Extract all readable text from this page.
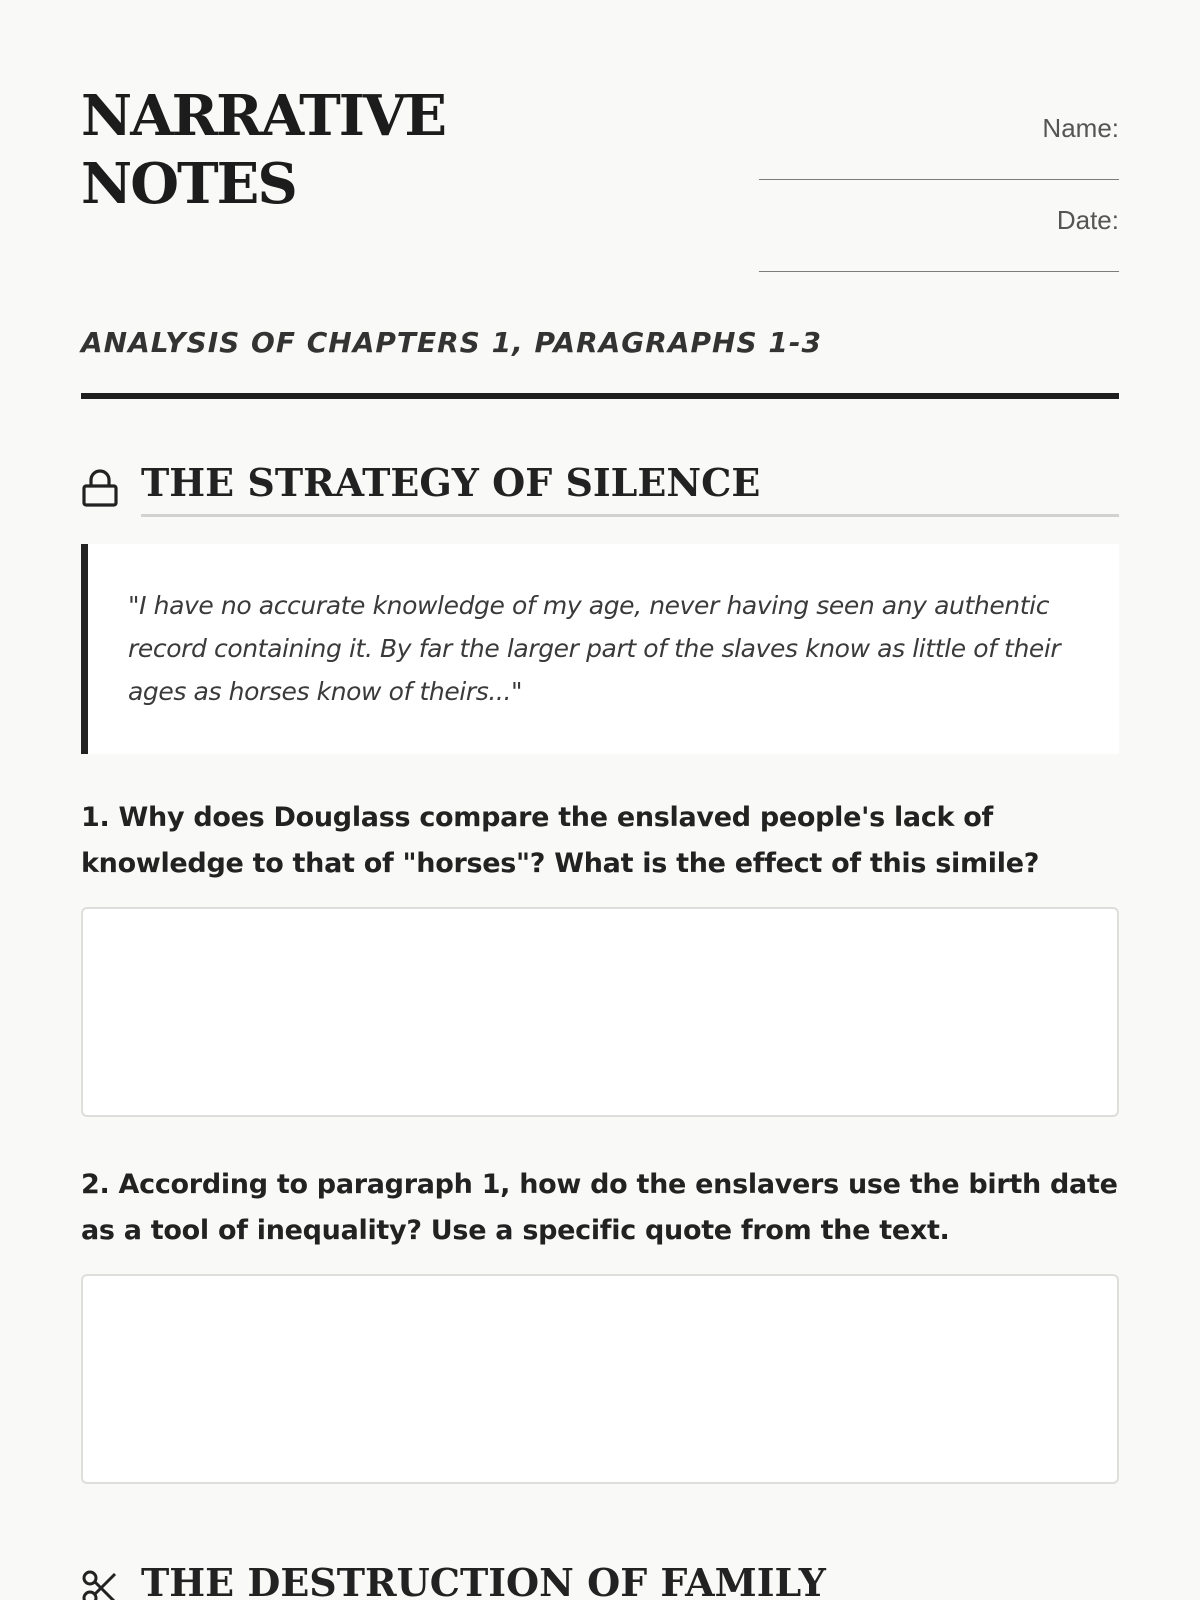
NARRATIVE
NOTES
Name:
______________________________
Date:
______________________________
ANALYSIS OF CHAPTERS 1, PARAGRAPHS 1-3
THE STRATEGY OF SILENCE
"I have no accurate knowledge of my age, never having seen any authentic record containing it. By far the larger part of the slaves know as little of their ages as horses know of theirs..."

1. Why does Douglass compare the enslaved people's lack of knowledge to that of "horses"? What is the effect of this simile?

2. According to paragraph 1, how do the enslavers use the birth date as a tool of inequality? Use a specific quote from the text.

THE DESTRUCTION OF FAMILY
